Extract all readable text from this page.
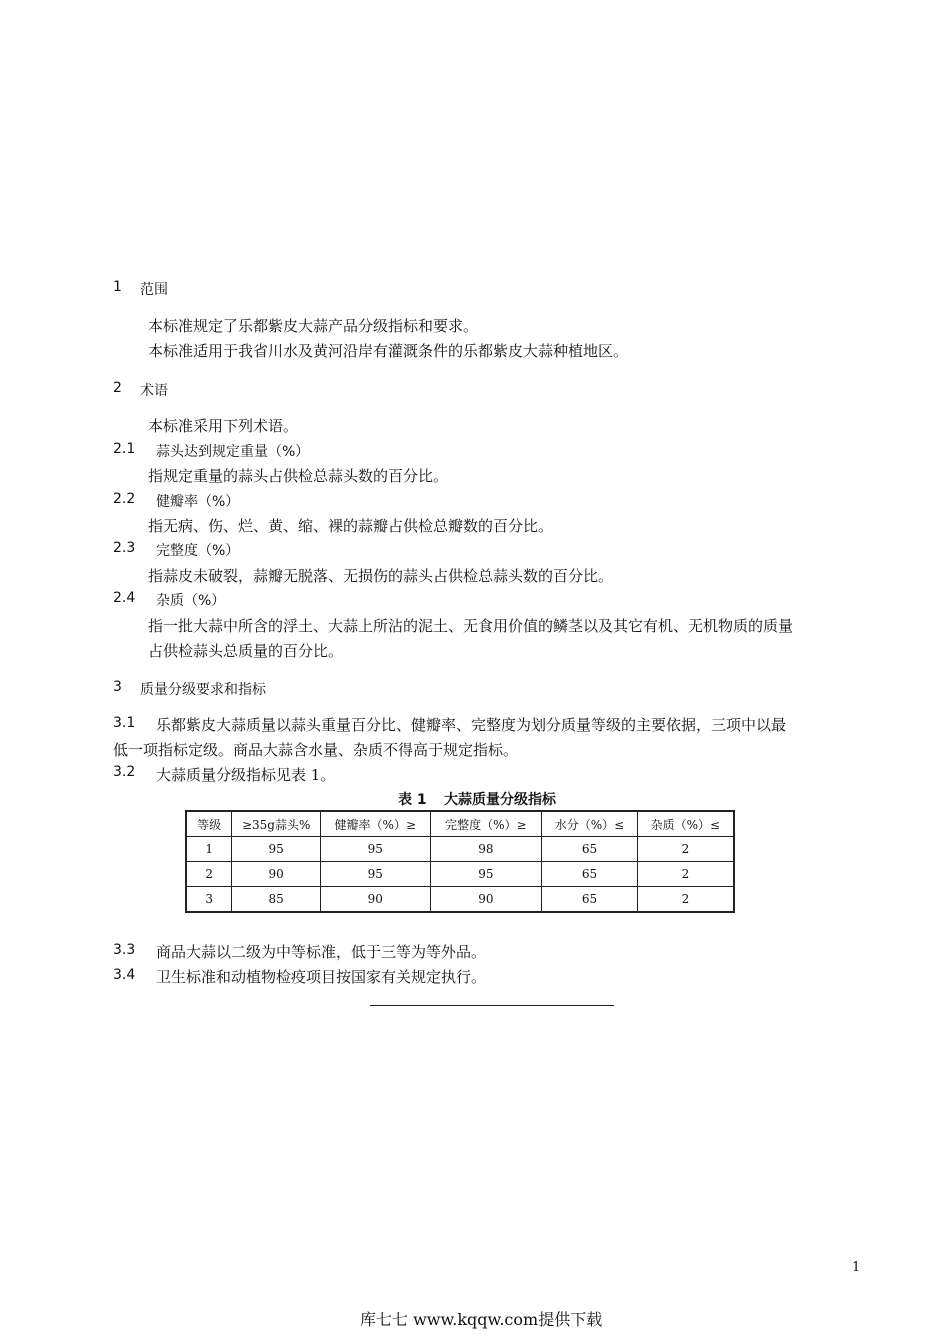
1 范围
本标准规定了乐都紫皮大蒜产品分级指标和要求。
本标准适用于我省川水及黄河沿岸有灌溉条件的乐都紫皮大蒜种植地区。
2 术语
本标准采用下列术语。
2.1 蒜头达到规定重量（%）
指规定重量的蒜头占供检总蒜头数的百分比。
2.2 健瓣率（%）
指无病、伤、烂、黄、缩、裸的蒜瓣占供检总瓣数的百分比。
2.3 完整度（%）
指蒜皮未破裂，蒜瓣无脱落、无损伤的蒜头占供检总蒜头数的百分比。
2.4 杂质（%）
指一批大蒜中所含的浮土、大蒜上所沾的泥土、无食用价值的鳞茎以及其它有机、无机物质的质量
占供检蒜头总质量的百分比。
3 质量分级要求和指标
3.1 乐都紫皮大蒜质量以蒜头重量百分比、健瓣率、完整度为划分质量等级的主要依据，三项中以最
低一项指标定级。商品大蒜含水量、杂质不得高于规定指标。
3.2 大蒜质量分级指标见表 1。
表 1 大蒜质量分级指标
等级	≥35g蒜头%	健瓣率（%）≥	完整度（%）≥	水分（%）≤	杂质（%）≤
1	95	95	98	65	2
2	90	95	95	65	2
3	85	90	90	65	2
3.3 商品大蒜以二级为中等标准，低于三等为等外品。
3.4 卫生标准和动植物检疫项目按国家有关规定执行。
1
库七七 www.kqqw.com提供下载
